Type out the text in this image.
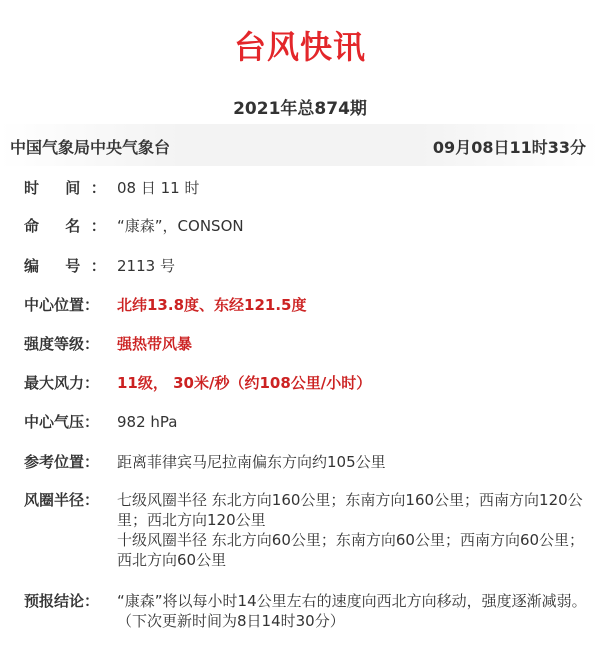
台风快讯
2021年总874期
中国气象局中央气象台	09月08日11时33分
时 间： 08 日 11 时
命 名： “康森”，CONSON
编 号： 2113 号
中心位置：	北纬13.8度、东经121.5度
强度等级：	强热带风暴
最大风力：	11级， 30米/秒（约108公里/小时）
中心气压：	982 hPa
参考位置：	距离菲律宾马尼拉南偏东方向约105公里
风圈半径：	七级风圈半径 东北方向160公里；东南方向160公里；西南方向120公里；西北方向120公里

十级风圈半径 东北方向60公里；东南方向60公里；西南方向60公里；西北方向60公里

预报结论：	“康森”将以每小时14公里左右的速度向西北方向移动，强度逐渐减弱。

（下次更新时间为8日14时30分）
